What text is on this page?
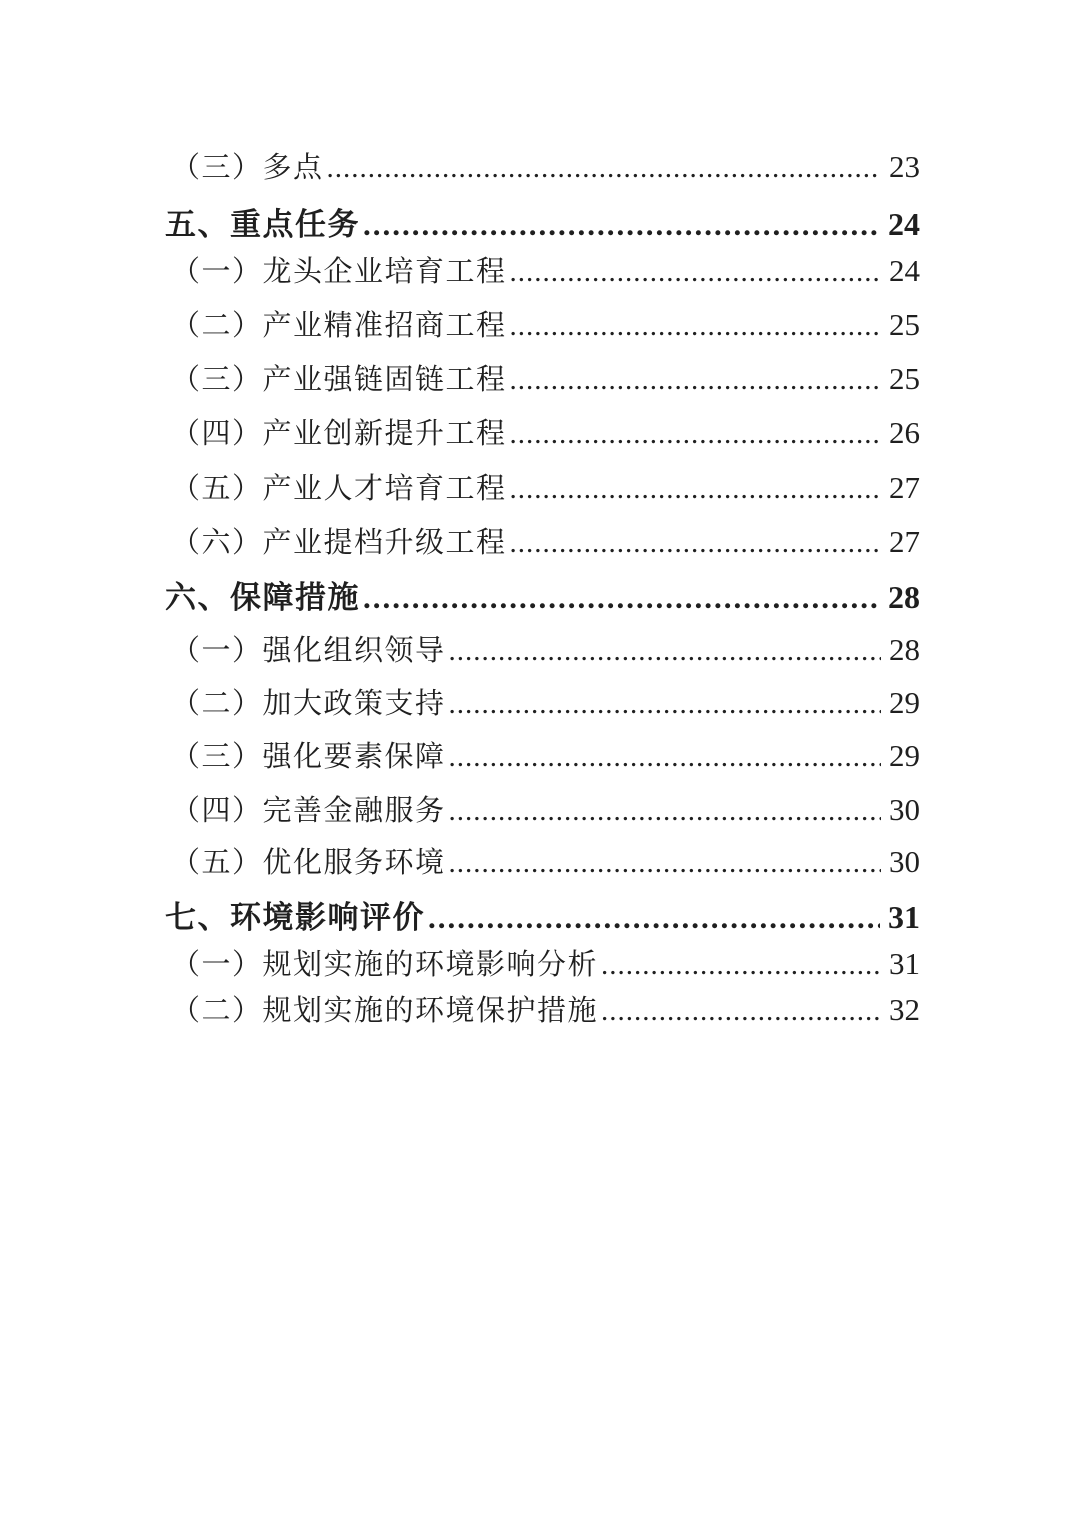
（三）多点 .....	23
五、重点任务 .....	24
（一）龙头企业培育工程 .....	24
（二）产业精准招商工程 .....	25
（三）产业强链固链工程 .....	25
（四）产业创新提升工程 .....	26
（五）产业人才培育工程 .....	27
（六）产业提档升级工程 .....	27
六、保障措施 .....	28
（一）强化组织领导 .....	28
（二）加大政策支持 .....	29
（三）强化要素保障 .....	29
（四）完善金融服务 .....	30
（五）优化服务环境 .....	30
七、环境影响评价 .....	31
（一）规划实施的环境影响分析 .....	31
（二）规划实施的环境保护措施 .....	32
